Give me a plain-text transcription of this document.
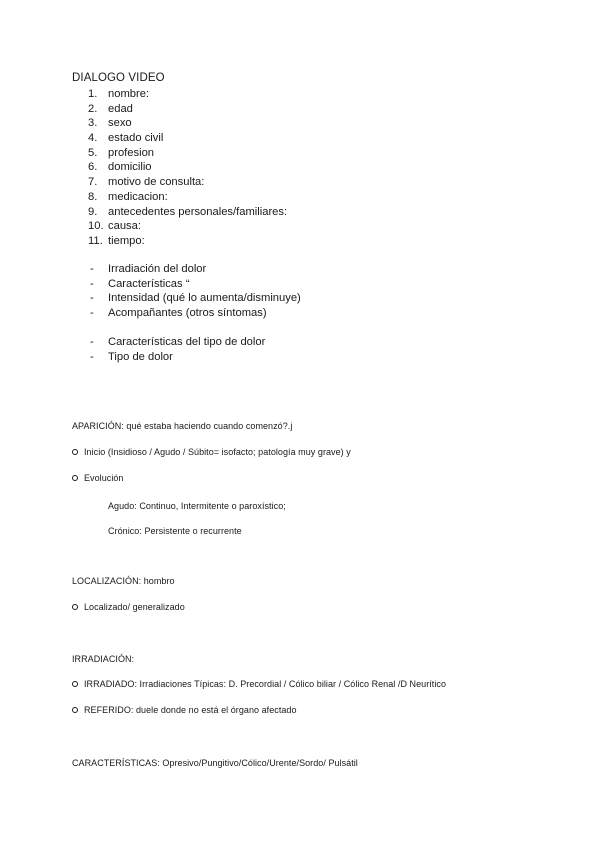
DIALOGO VIDEO
1. nombre:
2. edad
3. sexo
4. estado civil
5. profesion
6. domicilio
7. motivo de consulta:
8. medicacion:
9. antecedentes personales/familiares:
10. causa:
11. tiempo:
- Irradiación del dolor
- Características “
- Intensidad (qué lo aumenta/disminuye)
- Acompañantes (otros síntomas)
- Características del tipo de dolor
- Tipo de dolor
APARICIÓN: qué estaba haciendo cuando comenzó?.j
Inicio (Insidioso / Agudo / Súbito= isofacto; patología muy grave) y
Evolución
Agudo: Continuo, Intermitente o paroxístico;
Crónico: Persistente o recurrente
LOCALIZACIÓN: hombro
Localizado/ generalizado
IRRADIACIÓN:
IRRADIADO: Irradiaciones Típicas: D. Precordial / Cólico biliar / Cólico Renal /D Neurítico
REFERIDO: duele donde no está el órgano afectado
CARACTERÍSTICAS: Opresivo/Pungitivo/Cólico/Urente/Sordo/ Pulsátil
